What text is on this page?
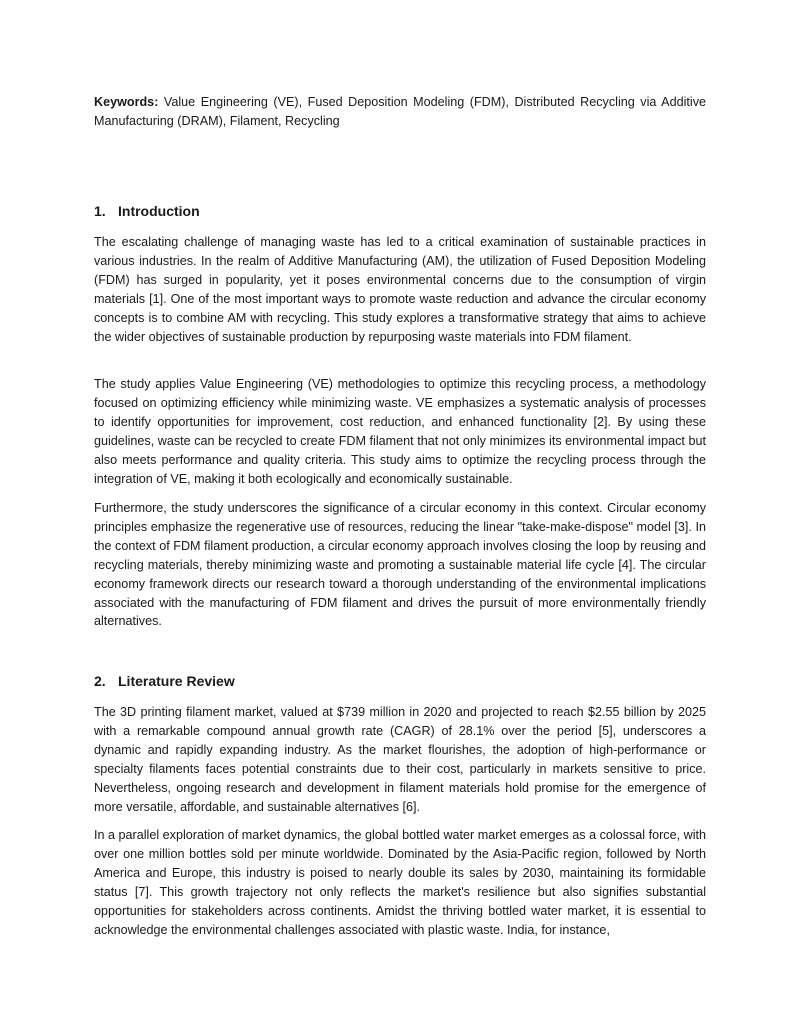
Keywords: Value Engineering (VE), Fused Deposition Modeling (FDM), Distributed Recycling via Additive Manufacturing (DRAM), Filament, Recycling
1. Introduction

The escalating challenge of managing waste has led to a critical examination of sustainable practices in various industries. In the realm of Additive Manufacturing (AM), the utilization of Fused Deposition Modeling (FDM) has surged in popularity, yet it poses environmental concerns due to the consumption of virgin materials [1]. One of the most important ways to promote waste reduction and advance the circular economy concepts is to combine AM with recycling. This study explores a transformative strategy that aims to achieve the wider objectives of sustainable production by repurposing waste materials into FDM filament.

The study applies Value Engineering (VE) methodologies to optimize this recycling process, a methodology focused on optimizing efficiency while minimizing waste. VE emphasizes a systematic analysis of processes to identify opportunities for improvement, cost reduction, and enhanced functionality [2]. By using these guidelines, waste can be recycled to create FDM filament that not only minimizes its environmental impact but also meets performance and quality criteria. This study aims to optimize the recycling process through the integration of VE, making it both ecologically and economically sustainable.

Furthermore, the study underscores the significance of a circular economy in this context. Circular economy principles emphasize the regenerative use of resources, reducing the linear "take-make-dispose" model [3]. In the context of FDM filament production, a circular economy approach involves closing the loop by reusing and recycling materials, thereby minimizing waste and promoting a sustainable material life cycle [4]. The circular economy framework directs our research toward a thorough understanding of the environmental implications associated with the manufacturing of FDM filament and drives the pursuit of more environmentally friendly alternatives.

2. Literature Review

The 3D printing filament market, valued at $739 million in 2020 and projected to reach $2.55 billion by 2025 with a remarkable compound annual growth rate (CAGR) of 28.1% over the period [5], underscores a dynamic and rapidly expanding industry. As the market flourishes, the adoption of high-performance or specialty filaments faces potential constraints due to their cost, particularly in markets sensitive to price. Nevertheless, ongoing research and development in filament materials hold promise for the emergence of more versatile, affordable, and sustainable alternatives [6].

In a parallel exploration of market dynamics, the global bottled water market emerges as a colossal force, with over one million bottles sold per minute worldwide. Dominated by the Asia-Pacific region, followed by North America and Europe, this industry is poised to nearly double its sales by 2030, maintaining its formidable status [7]. This growth trajectory not only reflects the market's resilience but also signifies substantial opportunities for stakeholders across continents. Amidst the thriving bottled water market, it is essential to acknowledge the environmental challenges associated with plastic waste. India, for instance,
